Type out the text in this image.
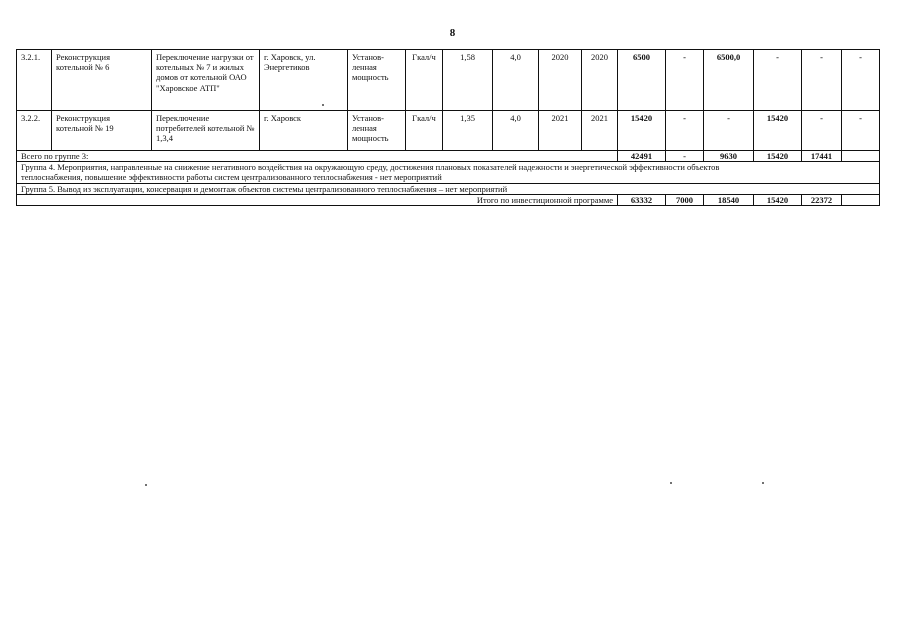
8
3.2.1.	Реконструкция котельной № 6	Переключение нагрузки от котельных № 7 и жилых домов от котельной ОАО "Харовское АТП"	г. Харовск, ул. Энергетиков	Установ-ленная мощность	Гкал/ч	1,58	4,0	2020	2020	6500	-	6500,0	-	-	-
3.2.2.	Реконструкция котельной № 19	Переключение потребителей котельной № 1,3,4	г. Харовск	Установ-ленная мощность	Гкал/ч	1,35	4,0	2021	2021	15420	-	-	15420	-	-
Всего по группе 3:										42491	-	9630	15420	17441	

Группа 4. Мероприятия, направленные на снижение негативного воздействия на окружающую среду, достижения плановых показателей надежности и энергетической эффективности объектов
теплоснабжения, повышение эффективности работы систем централизованного теплоснабжения - нет мероприятий															

Группа 5. Вывод из эксплуатации, консервация и демонтаж объектов системы централизованного теплоснабжения – нет мероприятий															
Итого по инвестиционной программе										63332	7000	18540	15420	22372	
